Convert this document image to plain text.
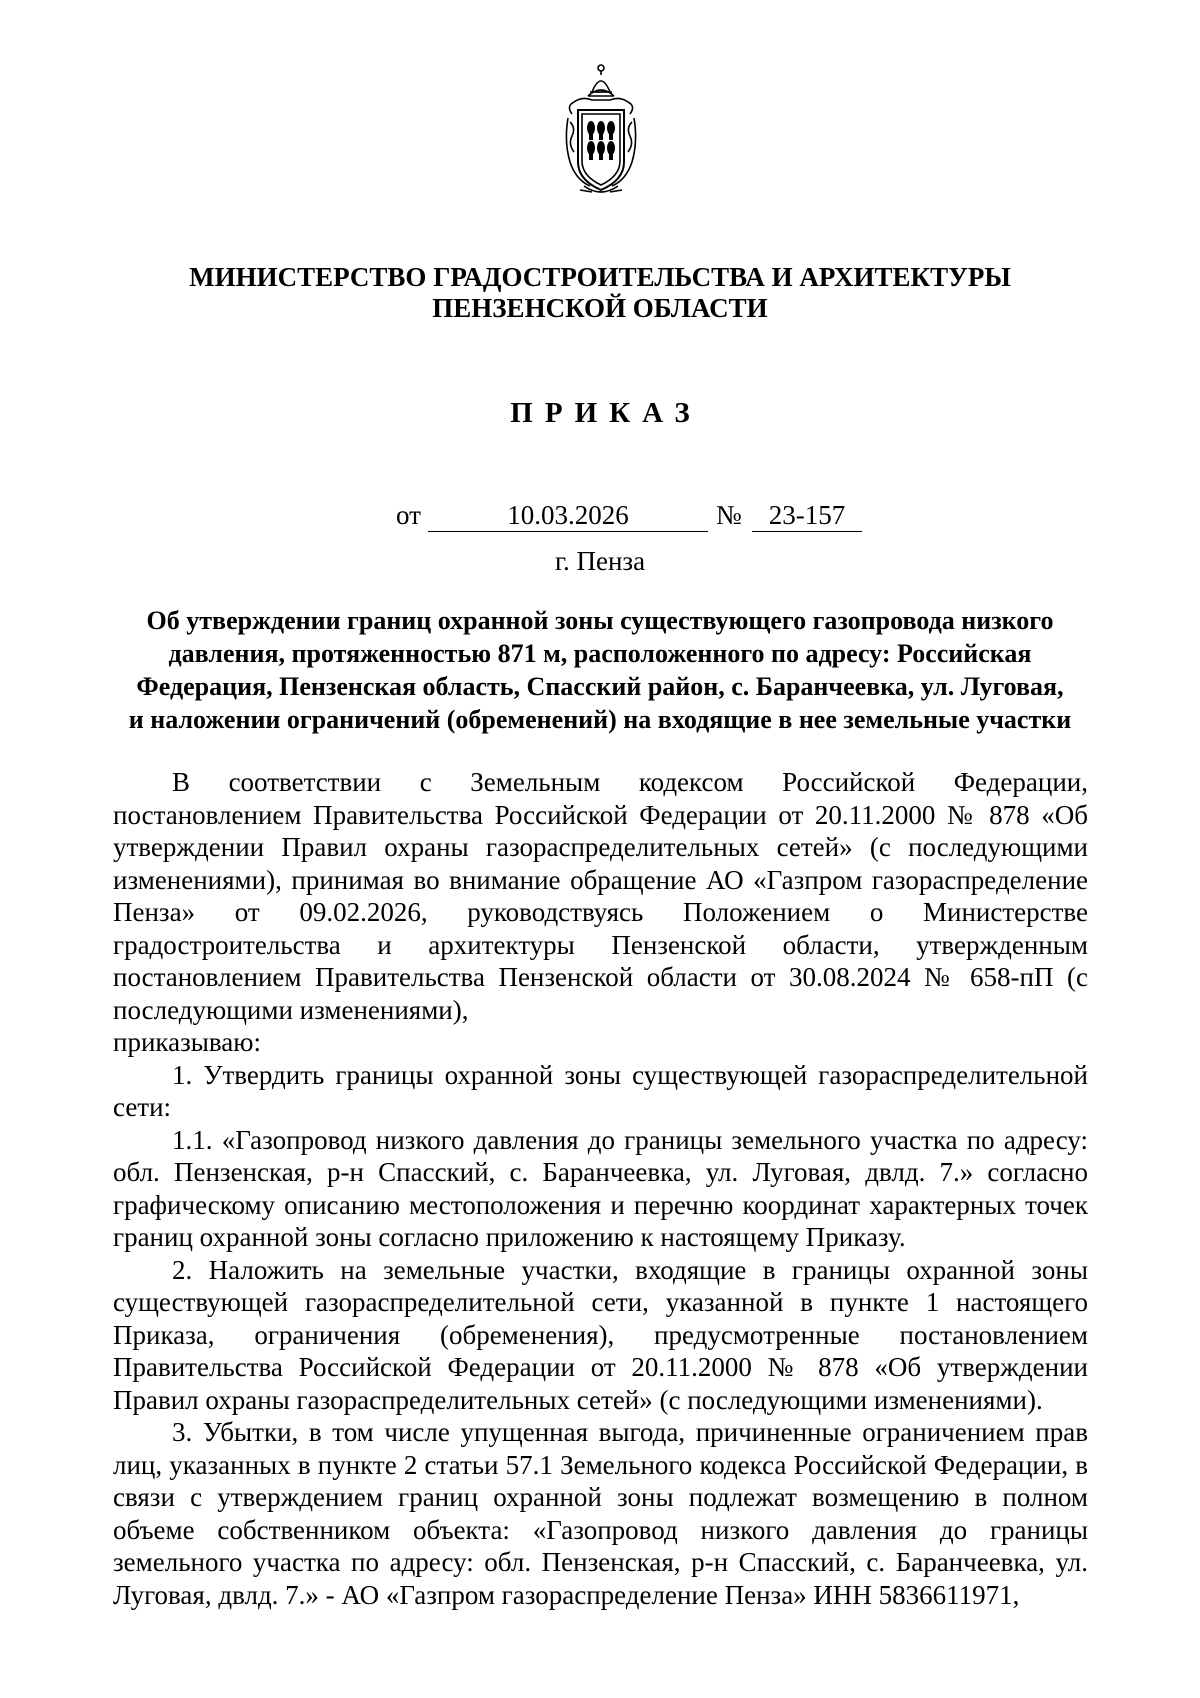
МИНИСТЕРСТВО ГРАДОСТРОИТЕЛЬСТВА И АРХИТЕКТУРЫ
ПЕНЗЕНСКОЙ ОБЛАСТИ
ПРИКАЗ
от	10.03.2026	№ 23-157
г. Пенза
Об утверждении границ охранной зоны существующего газопровода низкого
давления, протяженностью 871 м, расположенного по адресу: Российская
Федерация, Пензенская область, Спасский район, с. Баранчеевка, ул. Луговая,
и наложении ограничений (обременений) на входящие в нее земельные участки

В соответствии с Земельным кодексом Российской Федерации, постановлением Правительства Российской Федерации от 20.11.2000 № 878 «Об утверждении Правил охраны газораспределительных сетей» (с последующими изменениями), принимая во внимание обращение АО «Газпром газораспределение Пенза» от 09.02.2026, руководствуясь Положением о Министерстве градостроительства и архитектуры Пензенской области, утвержденным постановлением Правительства Пензенской области от 30.08.2024 № 658-пП (с последующими изменениями),

приказываю:

1. Утвердить границы охранной зоны существующей газораспределительной сети:

1.1. «Газопровод низкого давления до границы земельного участка по адресу: обл. Пензенская, р-н Спасский, с. Баранчеевка, ул. Луговая, двлд. 7.» согласно графическому описанию местоположения и перечню координат характерных точек границ охранной зоны согласно приложению к настоящему Приказу.

2. Наложить на земельные участки, входящие в границы охранной зоны существующей газораспределительной сети, указанной в пункте 1 настоящего Приказа, ограничения (обременения), предусмотренные постановлением Правительства Российской Федерации от 20.11.2000 № 878 «Об утверждении Правил охраны газораспределительных сетей» (с последующими изменениями).

3. Убытки, в том числе упущенная выгода, причиненные ограничением прав лиц, указанных в пункте 2 статьи 57.1 Земельного кодекса Российской Федерации, в связи с утверждением границ охранной зоны подлежат возмещению в полном объеме собственником объекта: «Газопровод низкого давления до границы земельного участка по адресу: обл. Пензенская, р-н Спасский, с. Баранчеевка, ул. Луговая, двлд. 7.» - АО «Газпром газораспределение Пенза» ИНН 5836611971,
